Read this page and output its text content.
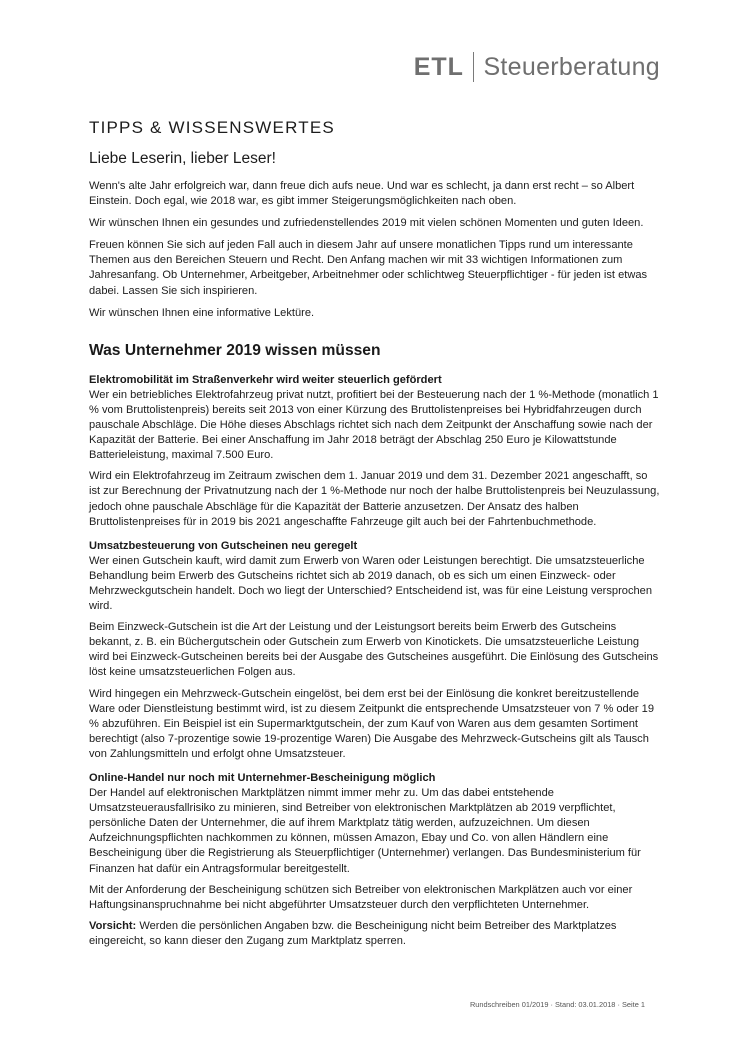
ETL Steuerberatung
TIPPS & WISSENSWERTES
Liebe Leserin, lieber Leser!

Wenn's alte Jahr erfolgreich war, dann freue dich aufs neue. Und war es schlecht, ja dann erst recht – so Albert Einstein. Doch egal, wie 2018 war, es gibt immer Steigerungsmöglichkeiten nach oben.

Wir wünschen Ihnen ein gesundes und zufriedenstellendes 2019 mit vielen schönen Momenten und guten Ideen.

Freuen können Sie sich auf jeden Fall auch in diesem Jahr auf unsere monatlichen Tipps rund um interessante Themen aus den Bereichen Steuern und Recht. Den Anfang machen wir mit 33 wichtigen Informationen zum Jahresanfang. Ob Unternehmer, Arbeitgeber, Arbeitnehmer oder schlichtweg Steuerpflichtiger - für jeden ist etwas dabei. Lassen Sie sich inspirieren.

Wir wünschen Ihnen eine informative Lektüre.

Was Unternehmer 2019 wissen müssen
Elektromobilität im Straßenverkehr wird weiter steuerlich gefördert

Wer ein betriebliches Elektrofahrzeug privat nutzt, profitiert bei der Besteuerung nach der 1 %-Methode (monatlich 1 % vom Bruttolistenpreis) bereits seit 2013 von einer Kürzung des Bruttolistenpreises bei Hybridfahrzeugen durch pauschale Abschläge. Die Höhe dieses Abschlags richtet sich nach dem Zeitpunkt der Anschaffung sowie nach der Kapazität der Batterie. Bei einer Anschaffung im Jahr 2018 beträgt der Abschlag 250 Euro je Kilowattstunde Batterieleistung, maximal 7.500 Euro.

Wird ein Elektrofahrzeug im Zeitraum zwischen dem 1. Januar 2019 und dem 31. Dezember 2021 angeschafft, so ist zur Berechnung der Privatnutzung nach der 1 %-Methode nur noch der halbe Bruttolistenpreis bei Neuzulassung, jedoch ohne pauschale Abschläge für die Kapazität der Batterie anzusetzen. Der Ansatz des halben Bruttolistenpreises für in 2019 bis 2021 angeschaffte Fahrzeuge gilt auch bei der Fahrtenbuchmethode.

Umsatzbesteuerung von Gutscheinen neu geregelt

Wer einen Gutschein kauft, wird damit zum Erwerb von Waren oder Leistungen berechtigt. Die umsatzsteuerliche Behandlung beim Erwerb des Gutscheins richtet sich ab 2019 danach, ob es sich um einen Einzweck- oder Mehrzweckgutschein handelt. Doch wo liegt der Unterschied? Entscheidend ist, was für eine Leistung versprochen wird.

Beim Einzweck-Gutschein ist die Art der Leistung und der Leistungsort bereits beim Erwerb des Gutscheins bekannt, z. B. ein Büchergutschein oder Gutschein zum Erwerb von Kinotickets. Die umsatzsteuerliche Leistung wird bei Einzweck-Gutscheinen bereits bei der Ausgabe des Gutscheines ausgeführt. Die Einlösung des Gutscheins löst keine umsatzsteuerlichen Folgen aus.

Wird hingegen ein Mehrzweck-Gutschein eingelöst, bei dem erst bei der Einlösung die konkret bereitzustellende Ware oder Dienstleistung bestimmt wird, ist zu diesem Zeitpunkt die entsprechende Umsatzsteuer von 7 % oder 19 % abzuführen. Ein Beispiel ist ein Supermarktgutschein, der zum Kauf von Waren aus dem gesamten Sortiment berechtigt (also 7-prozentige sowie 19-prozentige Waren) Die Ausgabe des Mehrzweck-Gutscheins gilt als Tausch von Zahlungsmitteln und erfolgt ohne Umsatzsteuer.

Online-Handel nur noch mit Unternehmer-Bescheinigung möglich

Der Handel auf elektronischen Marktplätzen nimmt immer mehr zu. Um das dabei entstehende Umsatzsteuerausfallrisiko zu minieren, sind Betreiber von elektronischen Marktplätzen ab 2019 verpflichtet, persönliche Daten der Unternehmer, die auf ihrem Marktplatz tätig werden, aufzuzeichnen. Um diesen Aufzeichnungspflichten nachkommen zu können, müssen Amazon, Ebay und Co. von allen Händlern eine Bescheinigung über die Registrierung als Steuerpflichtiger (Unternehmer) verlangen. Das Bundesministerium für Finanzen hat dafür ein Antragsformular bereitgestellt.

Mit der Anforderung der Bescheinigung schützen sich Betreiber von elektronischen Markplätzen auch vor einer Haftungsinanspruchnahme bei nicht abgeführter Umsatzsteuer durch den verpflichteten Unternehmer.

Vorsicht: Werden die persönlichen Angaben bzw. die Bescheinigung nicht beim Betreiber des Marktplatzes eingereicht, so kann dieser den Zugang zum Marktplatz sperren.

Rundschreiben 01/2019 · Stand: 03.01.2018 · Seite 1
